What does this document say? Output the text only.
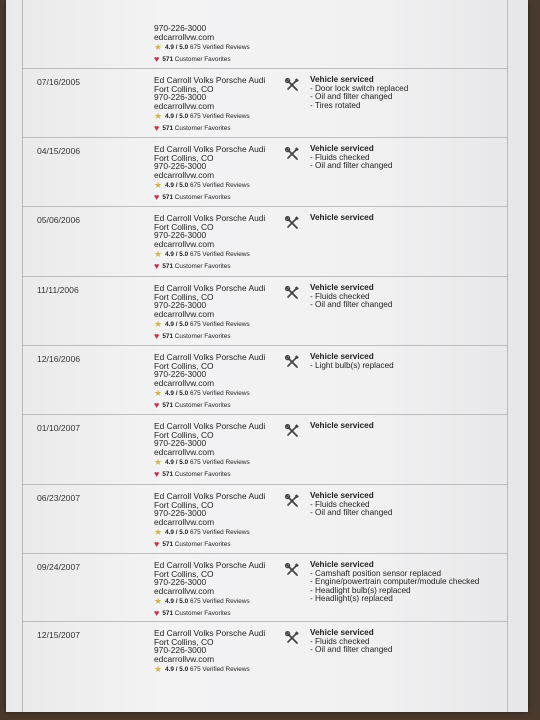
970-226-3000
edcarrollvw.com
★ 4.9 / 5.0 675 Verified Reviews
♥ 571 Customer Favorites
07/16/2005	Ed Carroll Volks Porsche Audi
Fort Collins, CO
970-226-3000
edcarrollvw.com
★ 4.9 / 5.0 675 Verified Reviews
♥ 571 Customer Favorites
Vehicle serviced
- Door lock switch replaced
- Oil and filter changed
- Tires rotated
04/15/2006	Ed Carroll Volks Porsche Audi
Fort Collins, CO
970-226-3000
edcarrollvw.com
★ 4.9 / 5.0 675 Verified Reviews
♥ 571 Customer Favorites
Vehicle serviced
- Fluids checked
- Oil and filter changed
05/06/2006	Ed Carroll Volks Porsche Audi
Fort Collins, CO
970-226-3000
edcarrollvw.com
★ 4.9 / 5.0 675 Verified Reviews
♥ 571 Customer Favorites
Vehicle serviced
11/11/2006	Ed Carroll Volks Porsche Audi
Fort Collins, CO
970-226-3000
edcarrollvw.com
★ 4.9 / 5.0 675 Verified Reviews
♥ 571 Customer Favorites
Vehicle serviced
- Fluids checked
- Oil and filter changed
12/16/2006	Ed Carroll Volks Porsche Audi
Fort Collins, CO
970-226-3000
edcarrollvw.com
★ 4.9 / 5.0 675 Verified Reviews
♥ 571 Customer Favorites
Vehicle serviced
- Light bulb(s) replaced
01/10/2007	Ed Carroll Volks Porsche Audi
Fort Collins, CO
970-226-3000
edcarrollvw.com
★ 4.9 / 5.0 675 Verified Reviews
♥ 571 Customer Favorites
Vehicle serviced
06/23/2007	Ed Carroll Volks Porsche Audi
Fort Collins, CO
970-226-3000
edcarrollvw.com
★ 4.9 / 5.0 675 Verified Reviews
♥ 571 Customer Favorites
Vehicle serviced
- Fluids checked
- Oil and filter changed
09/24/2007	Ed Carroll Volks Porsche Audi
Fort Collins, CO
970-226-3000
edcarrollvw.com
★ 4.9 / 5.0 675 Verified Reviews
♥ 571 Customer Favorites
Vehicle serviced
- Camshaft position sensor replaced
- Engine/powertrain computer/module checked
- Headlight bulb(s) replaced
- Headlight(s) replaced
12/15/2007	Ed Carroll Volks Porsche Audi
Fort Collins, CO
970-226-3000
edcarrollvw.com
★ 4.9 / 5.0 675 Verified Reviews
Vehicle serviced
- Fluids checked
- Oil and filter changed
